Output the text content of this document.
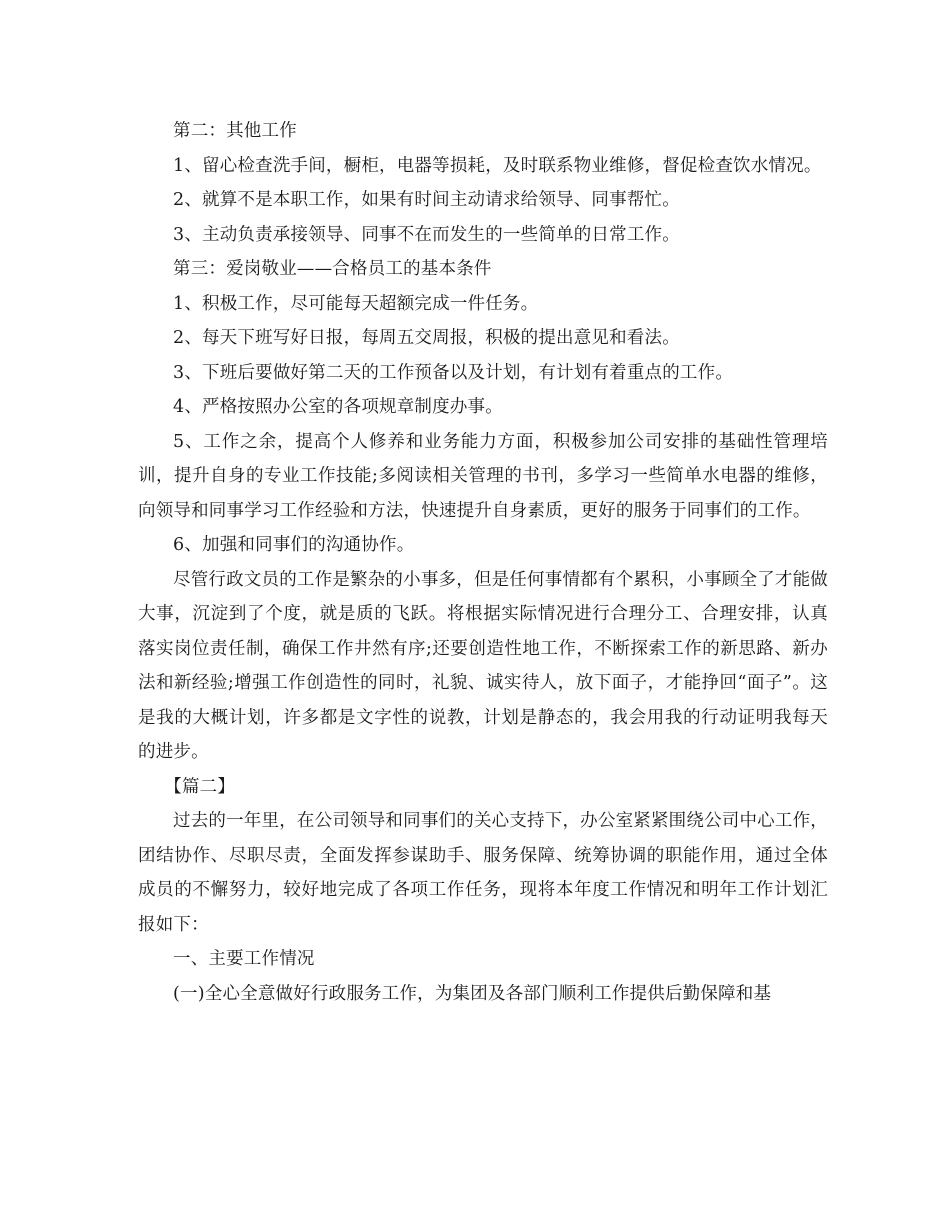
第二：其他工作

1、留心检查洗手间，橱柜，电器等损耗，及时联系物业维修，督促检查饮水情况。

2、就算不是本职工作，如果有时间主动请求给领导、同事帮忙。

3、主动负责承接领导、同事不在而发生的一些简单的日常工作。

第三：爱岗敬业——合格员工的基本条件

1、积极工作，尽可能每天超额完成一件任务。

2、每天下班写好日报，每周五交周报，积极的提出意见和看法。

3、下班后要做好第二天的工作预备以及计划，有计划有着重点的工作。

4、严格按照办公室的各项规章制度办事。

5、工作之余，提高个人修养和业务能力方面，积极参加公司安排的基础性管理培训，提升自身的专业工作技能;多阅读相关管理的书刊，多学习一些简单水电器的维修，向领导和同事学习工作经验和方法，快速提升自身素质，更好的服务于同事们的工作。

6、加强和同事们的沟通协作。

尽管行政文员的工作是繁杂的小事多，但是任何事情都有个累积，小事顾全了才能做大事，沉淀到了个度，就是质的飞跃。将根据实际情况进行合理分工、合理安排，认真落实岗位责任制，确保工作井然有序;还要创造性地工作，不断探索工作的新思路、新办法和新经验;增强工作创造性的同时，礼貌、诚实待人，放下面子，才能挣回“面子”。这是我的大概计划，许多都是文字性的说教，计划是静态的，我会用我的行动证明我每天的进步。

【篇二】

过去的一年里，在公司领导和同事们的关心支持下，办公室紧紧围绕公司中心工作，团结协作、尽职尽责，全面发挥参谋助手、服务保障、统筹协调的职能作用，通过全体成员的不懈努力，较好地完成了各项工作任务，现将本年度工作情况和明年工作计划汇报如下：

一、主要工作情况

(一)全心全意做好行政服务工作，为集团及各部门顺利工作提供后勤保障和基
